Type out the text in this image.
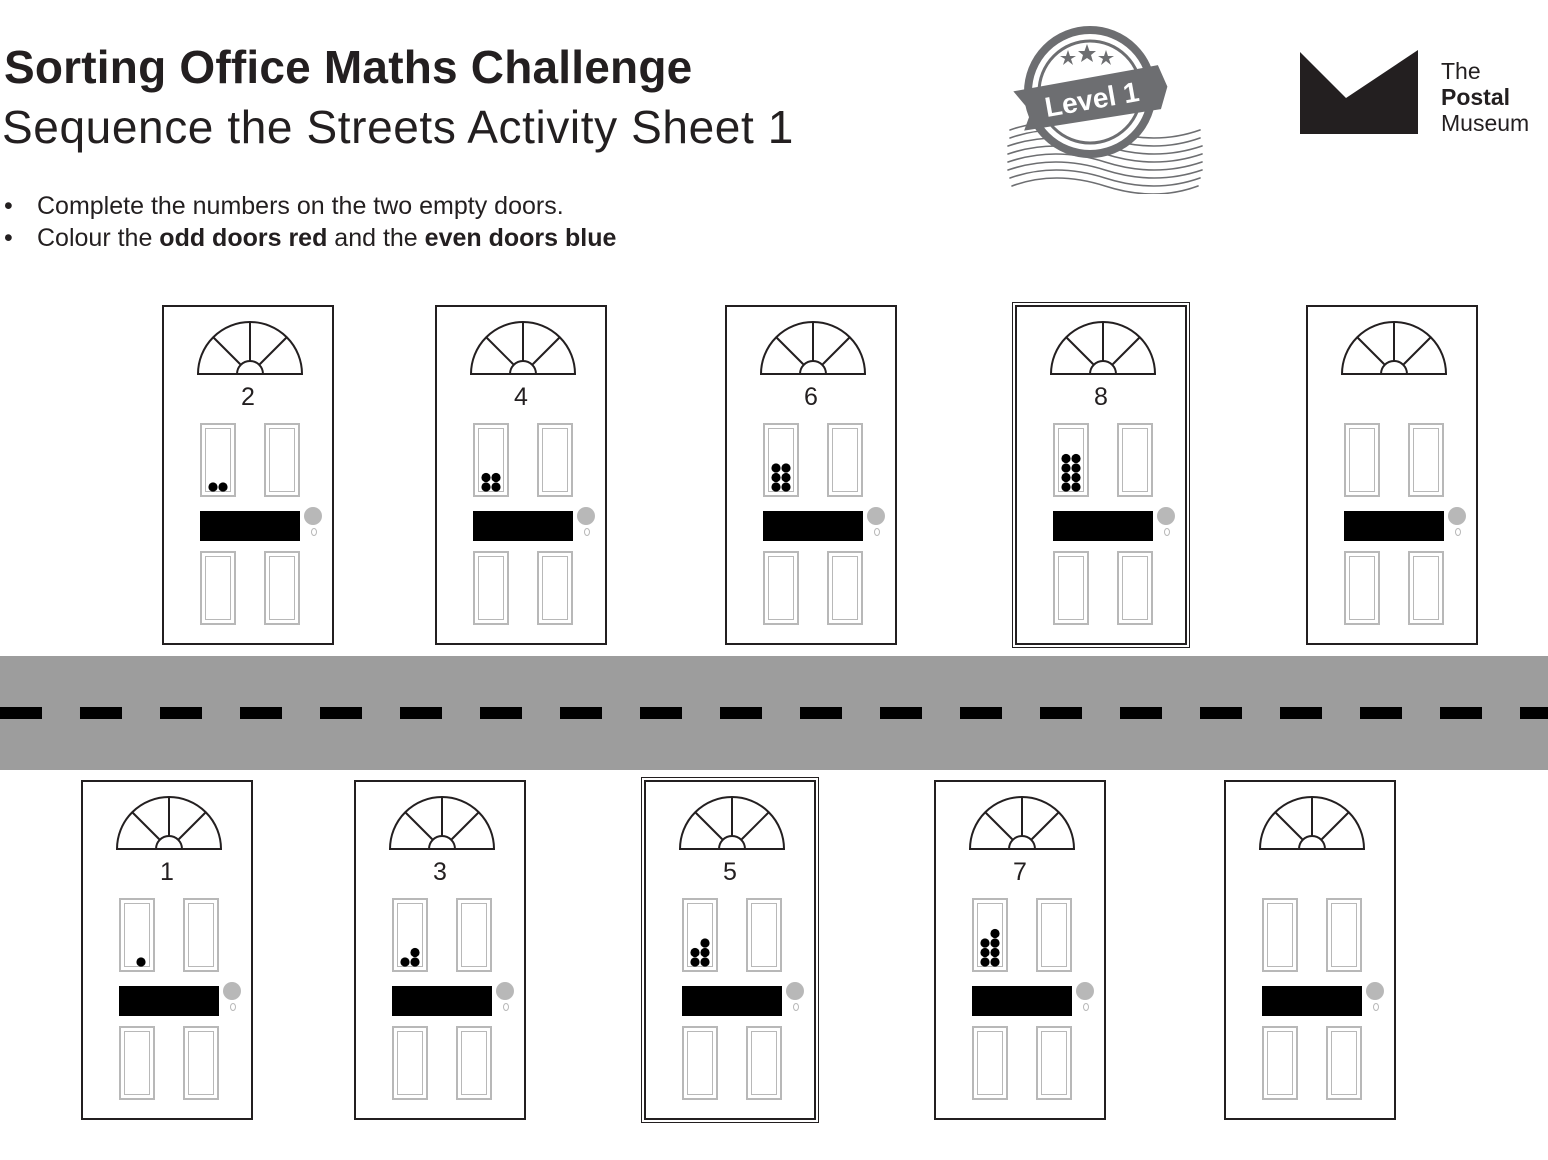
Sorting Office Maths Challenge
Sequence the Streets Activity Sheet 1
• Complete the numbers on the two empty doors.
• Colour the odd doors red and the even doors blue
Level 1
The
Postal
Museum
2	4	6	8
1	3	5	7
